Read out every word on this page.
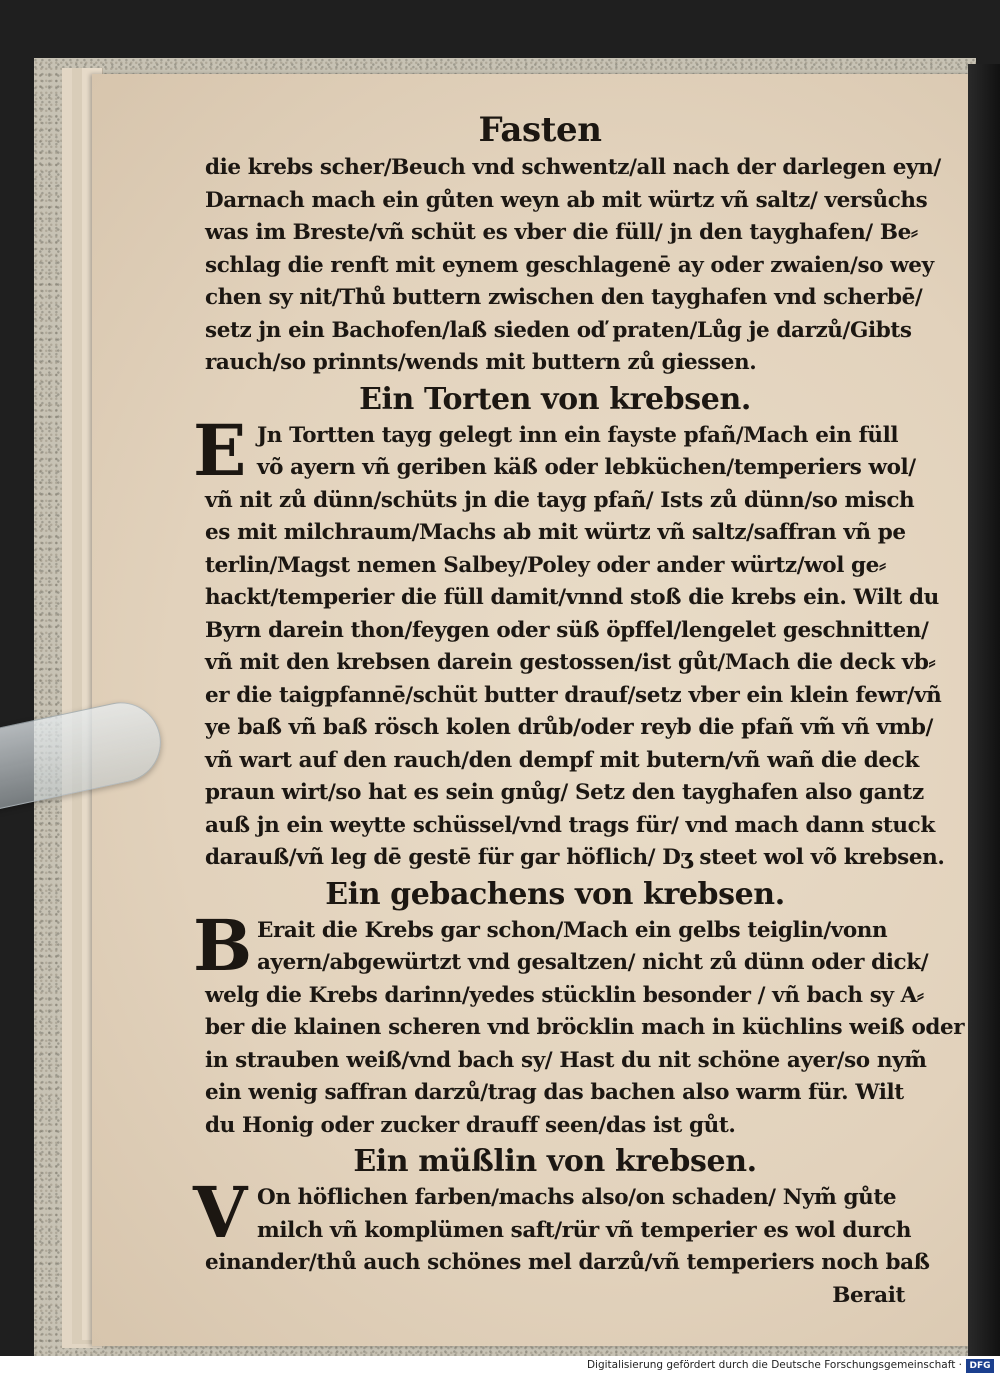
Fasten
die krebs scher/Beuch vnd schwentz/all nach der darlegen eyn/
Darnach mach ein gůten weyn ab mit würtz vñ saltz/ versůchs
was im Breste/vñ schüt es vber die füll/ jn den tayghafen/ Be⸗
schlag die renft mit eynem geschlagenē ay oder zwaien/so wey
chen sy nit/Thů buttern zwischen den tayghafen vnd scherbē/
setz jn ein Bachofen/laß sieden oď praten/Lůg je darzů/Gibts
rauch/so prinnts/wends mit buttern zů giessen.
Ein Torten von krebsen.
E Jn Tortten tayg gelegt inn ein fayste pfañ/Mach ein füll
võ ayern vñ geriben käß oder lebküchen/temperiers wol/
vñ nit zů dünn/schüts jn die tayg pfañ/ Ists zů dünn/so misch
es mit milchraum/Machs ab mit würtz vñ saltz/saffran vñ pe
terlin/Magst nemen Salbey/Poley oder ander würtz/wol ge⸗
hackt/temperier die füll damit/vnnd stoß die krebs ein. Wilt du
Byrn darein thon/feygen oder süß öpffel/lengelet geschnitten/
vñ mit den krebsen darein gestossen/ist gůt/Mach die deck vb⸗
er die taigpfannē/schüt butter drauf/setz vber ein klein fewr/vñ
ye baß vñ baß rösch kolen drůb/oder reyb die pfañ vm̃ vñ vmb/
vñ wart auf den rauch/den dempf mit butern/vñ wañ die deck
praun wirt/so hat es sein gnůg/ Setz den tayghafen also gantz
auß jn ein weytte schüssel/vnd trags für/ vnd mach dann stuck
darauß/vñ leg dē gestē für gar höflich/ Dʒ steet wol võ krebsen.
Ein gebachens von krebsen.
B Erait die Krebs gar schon/Mach ein gelbs teiglin/vonn
ayern/abgewürtzt vnd gesaltzen/ nicht zů dünn oder dick/
welg die Krebs darinn/yedes stücklin besonder / vñ bach sy A⸗
ber die klainen scheren vnd bröcklin mach in küchlins weiß oder
in strauben weiß/vnd bach sy/ Hast du nit schöne ayer/so nym̃
ein wenig saffran darzů/trag das bachen also warm für. Wilt
du Honig oder zucker drauff seen/das ist gůt.
Ein müßlin von krebsen.
V On höflichen farben/machs also/on schaden/ Nym̃ gůte
milch vñ komplümen saft/rür vñ temperier es wol durch
einander/thů auch schönes mel darzů/vñ temperiers noch baß
Berait
Digitalisierung gefördert durch die Deutsche Forschungsgemeinschaft · DFG
